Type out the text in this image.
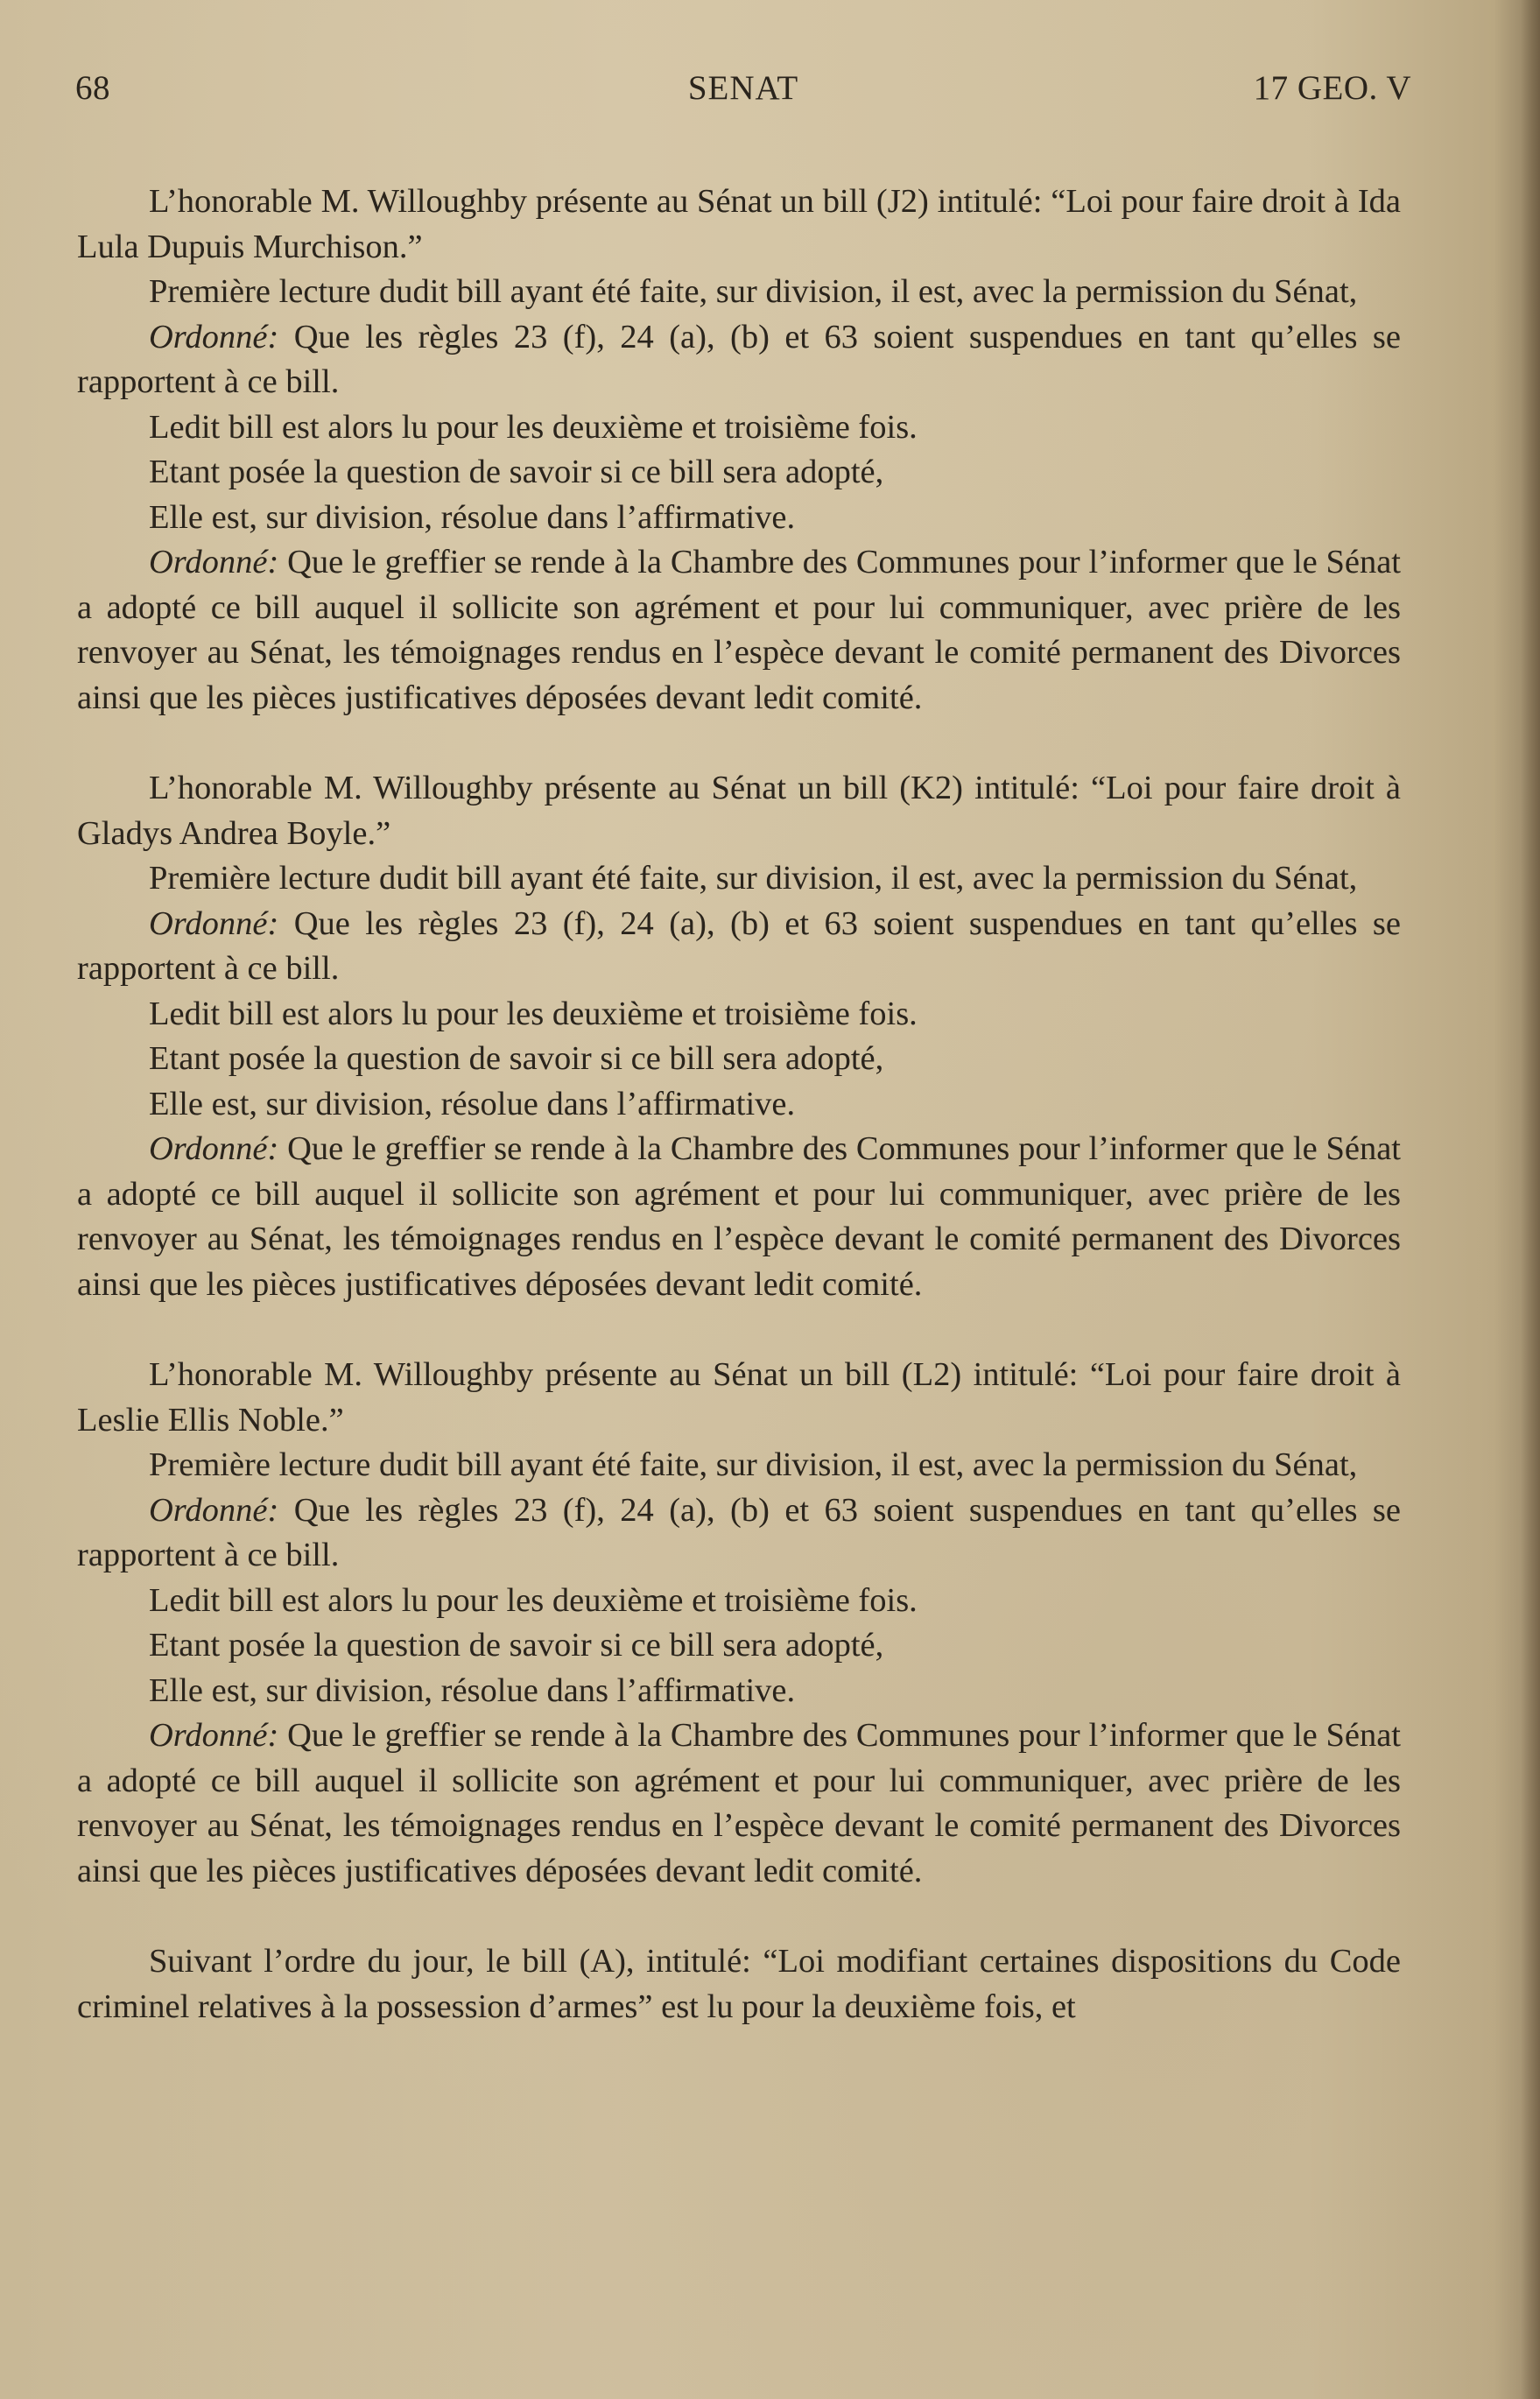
68	SENAT	17 GEO. V

L’honorable M. Willoughby présente au Sénat un bill (J2) intitulé: “Loi pour faire droit à Ida Lula Dupuis Murchison.”

Première lecture dudit bill ayant été faite, sur division, il est, avec la permission du Sénat,

Ordonné: Que les règles 23 (f), 24 (a), (b) et 63 soient suspendues en tant qu’elles se rapportent à ce bill.

Ledit bill est alors lu pour les deuxième et troisième fois.

Etant posée la question de savoir si ce bill sera adopté,

Elle est, sur division, résolue dans l’affirmative.

Ordonné: Que le greffier se rende à la Chambre des Communes pour l’informer que le Sénat a adopté ce bill auquel il sollicite son agrément et pour lui communiquer, avec prière de les renvoyer au Sénat, les témoignages rendus en l’espèce devant le comité permanent des Divorces ainsi que les pièces justificatives déposées devant ledit comité.

L’honorable M. Willoughby présente au Sénat un bill (K2) intitulé: “Loi pour faire droit à Gladys Andrea Boyle.”

Première lecture dudit bill ayant été faite, sur division, il est, avec la permission du Sénat,

Ordonné: Que les règles 23 (f), 24 (a), (b) et 63 soient suspendues en tant qu’elles se rapportent à ce bill.

Ledit bill est alors lu pour les deuxième et troisième fois.

Etant posée la question de savoir si ce bill sera adopté,

Elle est, sur division, résolue dans l’affirmative.

Ordonné: Que le greffier se rende à la Chambre des Communes pour l’informer que le Sénat a adopté ce bill auquel il sollicite son agrément et pour lui communiquer, avec prière de les renvoyer au Sénat, les témoignages rendus en l’espèce devant le comité permanent des Divorces ainsi que les pièces justificatives déposées devant ledit comité.

L’honorable M. Willoughby présente au Sénat un bill (L2) intitulé: “Loi pour faire droit à Leslie Ellis Noble.”

Première lecture dudit bill ayant été faite, sur division, il est, avec la permission du Sénat,

Ordonné: Que les règles 23 (f), 24 (a), (b) et 63 soient suspendues en tant qu’elles se rapportent à ce bill.

Ledit bill est alors lu pour les deuxième et troisième fois.

Etant posée la question de savoir si ce bill sera adopté,

Elle est, sur division, résolue dans l’affirmative.

Ordonné: Que le greffier se rende à la Chambre des Communes pour l’informer que le Sénat a adopté ce bill auquel il sollicite son agrément et pour lui communiquer, avec prière de les renvoyer au Sénat, les témoignages rendus en l’espèce devant le comité permanent des Divorces ainsi que les pièces justificatives déposées devant ledit comité.

Suivant l’ordre du jour, le bill (A), intitulé: “Loi modifiant certaines dispositions du Code criminel relatives à la possession d’armes” est lu pour la deuxième fois, et
